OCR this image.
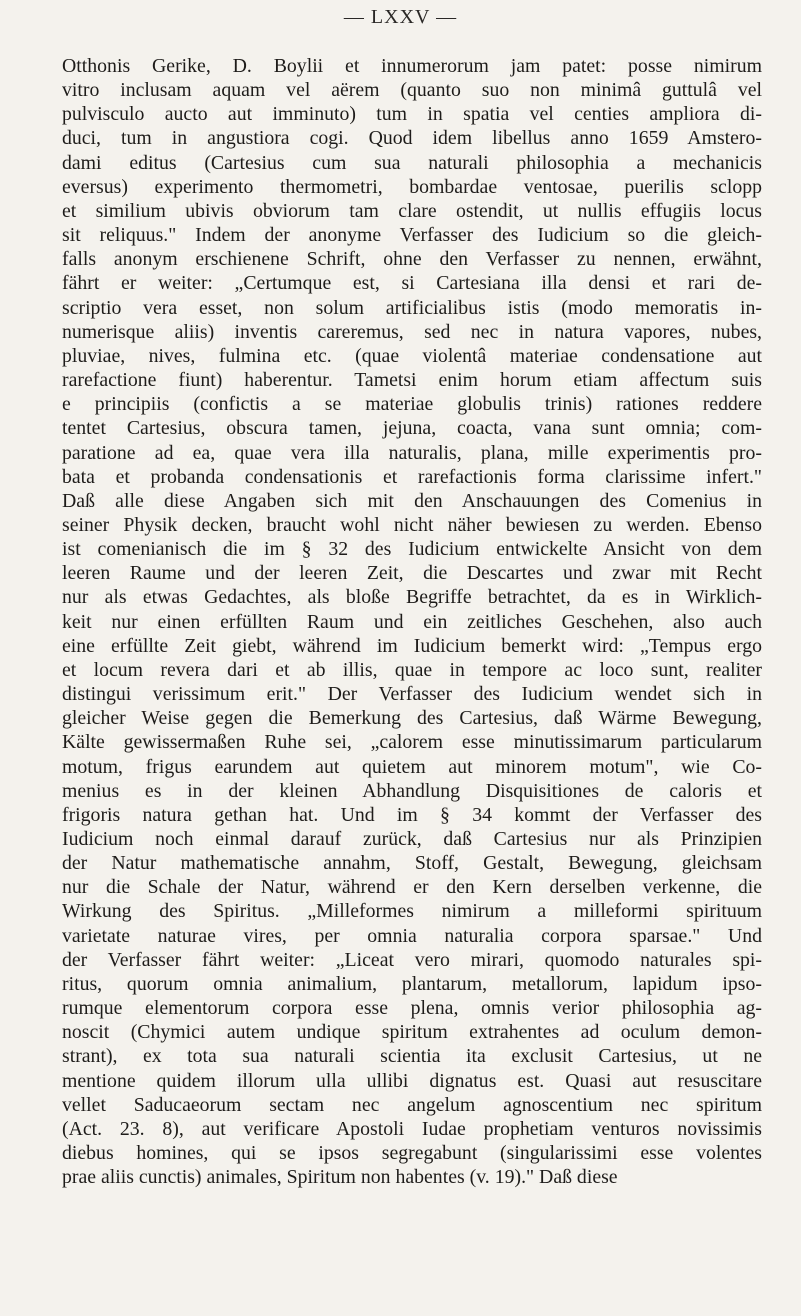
— LXXV —
Otthonis Gerike, D. Boylii et innumerorum jam patet: posse nimirum
vitro inclusam aquam vel aërem (quanto suo non minimâ guttulâ vel
pulvisculo aucto aut imminuto) tum in spatia vel centies ampliora di-
duci, tum in angustiora cogi. Quod idem libellus anno 1659 Amstero-
dami editus (Cartesius cum sua naturali philosophia a mechanicis
eversus) experimento thermometri, bombardae ventosae, puerilis sclopp
et similium ubivis obviorum tam clare ostendit, ut nullis effugiis locus
sit reliquus." Indem der anonyme Verfasser des Iudicium so die gleich-
falls anonym erschienene Schrift, ohne den Verfasser zu nennen, erwähnt,
fährt er weiter: „Certumque est, si Cartesiana illa densi et rari de-
scriptio vera esset, non solum artificialibus istis (modo memoratis in-
numerisque aliis) inventis careremus, sed nec in natura vapores, nubes,
pluviae, nives, fulmina etc. (quae violentâ materiae condensatione aut
rarefactione fiunt) haberentur. Tametsi enim horum etiam affectum suis
e principiis (confictis a se materiae globulis trinis) rationes reddere
tentet Cartesius, obscura tamen, jejuna, coacta, vana sunt omnia; com-
paratione ad ea, quae vera illa naturalis, plana, mille experimentis pro-
bata et probanda condensationis et rarefactionis forma clarissime infert."
Daß alle diese Angaben sich mit den Anschauungen des Comenius in
seiner Physik decken, braucht wohl nicht näher bewiesen zu werden. Ebenso
ist comenianisch die im § 32 des Iudicium entwickelte Ansicht von dem
leeren Raume und der leeren Zeit, die Descartes und zwar mit Recht
nur als etwas Gedachtes, als bloße Begriffe betrachtet, da es in Wirklich-
keit nur einen erfüllten Raum und ein zeitliches Geschehen, also auch
eine erfüllte Zeit giebt, während im Iudicium bemerkt wird: „Tempus ergo
et locum revera dari et ab illis, quae in tempore ac loco sunt, realiter
distingui verissimum erit." Der Verfasser des Iudicium wendet sich in
gleicher Weise gegen die Bemerkung des Cartesius, daß Wärme Bewegung,
Kälte gewissermaßen Ruhe sei, „calorem esse minutissimarum particularum
motum, frigus earundem aut quietem aut minorem motum", wie Co-
menius es in der kleinen Abhandlung Disquisitiones de caloris et
frigoris natura gethan hat. Und im § 34 kommt der Verfasser des
Iudicium noch einmal darauf zurück, daß Cartesius nur als Prinzipien
der Natur mathematische annahm, Stoff, Gestalt, Bewegung, gleichsam
nur die Schale der Natur, während er den Kern derselben verkenne, die
Wirkung des Spiritus. „Milleformes nimirum a milleformi spirituum
varietate naturae vires, per omnia naturalia corpora sparsae." Und
der Verfasser fährt weiter: „Liceat vero mirari, quomodo naturales spi-
ritus, quorum omnia animalium, plantarum, metallorum, lapidum ipso-
rumque elementorum corpora esse plena, omnis verior philosophia ag-
noscit (Chymici autem undique spiritum extrahentes ad oculum demon-
strant), ex tota sua naturali scientia ita exclusit Cartesius, ut ne
mentione quidem illorum ulla ullibi dignatus est. Quasi aut resuscitare
vellet Saducaeorum sectam nec angelum agnoscentium nec spiritum
(Act. 23. 8), aut verificare Apostoli Iudae prophetiam venturos novissimis
diebus homines, qui se ipsos segregabunt (singularissimi esse volentes
prae aliis cunctis) animales, Spiritum non habentes (v. 19)." Daß diese
